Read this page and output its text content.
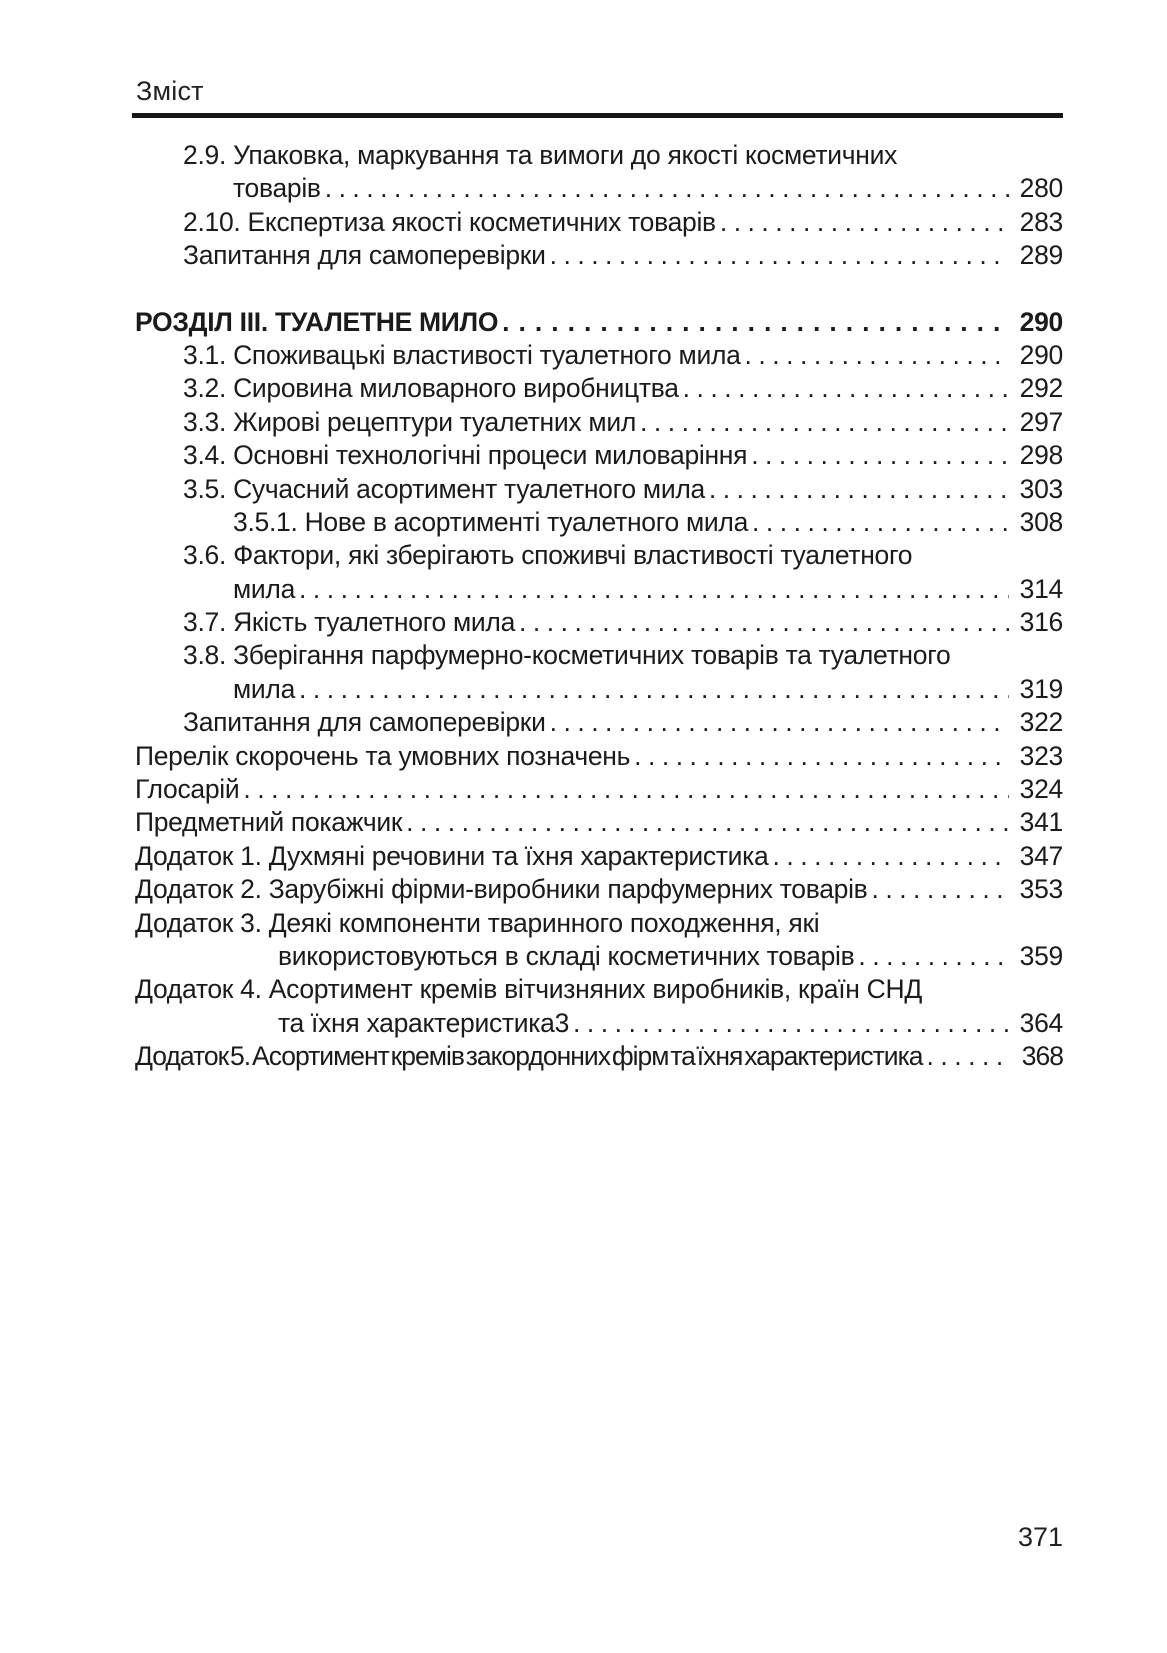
Зміст
2.9. Упаковка, маркування та вимоги до якості косметичних
товарів .....	280
2.10. Експертиза якості косметичних товарів .....	283
Запитання для самоперевірки .....	289
РОЗДІЛ III. ТУАЛЕТНЕ МИЛО .....	290
3.1. Споживацькі властивості туалетного мила .....	290
3.2. Сировина миловарного виробництва .....	292
3.3. Жирові рецептури туалетних мил .....	297
3.4. Основні технологічні процеси миловаріння .....	298
3.5. Сучасний асортимент туалетного мила .....	303
3.5.1. Нове в асортименті туалетного мила .....	308
3.6. Фактори, які зберігають споживчі властивості туалетного
мила .....	314
3.7. Якість туалетного мила .....	316
3.8. Зберігання парфумерно-косметичних товарів та туалетного
мила .....	319
Запитання для самоперевірки .....	322
Перелік скорочень та умовних позначень .....	323
Глосарій .....	324
Предметний покажчик .....	341
Додаток 1. Духмяні речовини та їхня характеристика .....	347
Додаток 2. Зарубіжні фірми-виробники парфумерних товарів .....	353
Додаток 3. Деякі компоненти тваринного походження, які
використовуються в складі косметичних товарів .....	359
Додаток 4. Асортимент кремів вітчизняних виробників, країн СНД
та їхня характеристика3 .....	364
Додаток 5. Асортимент кремів закордонних фірм та їхня характеристика .....	368
371
